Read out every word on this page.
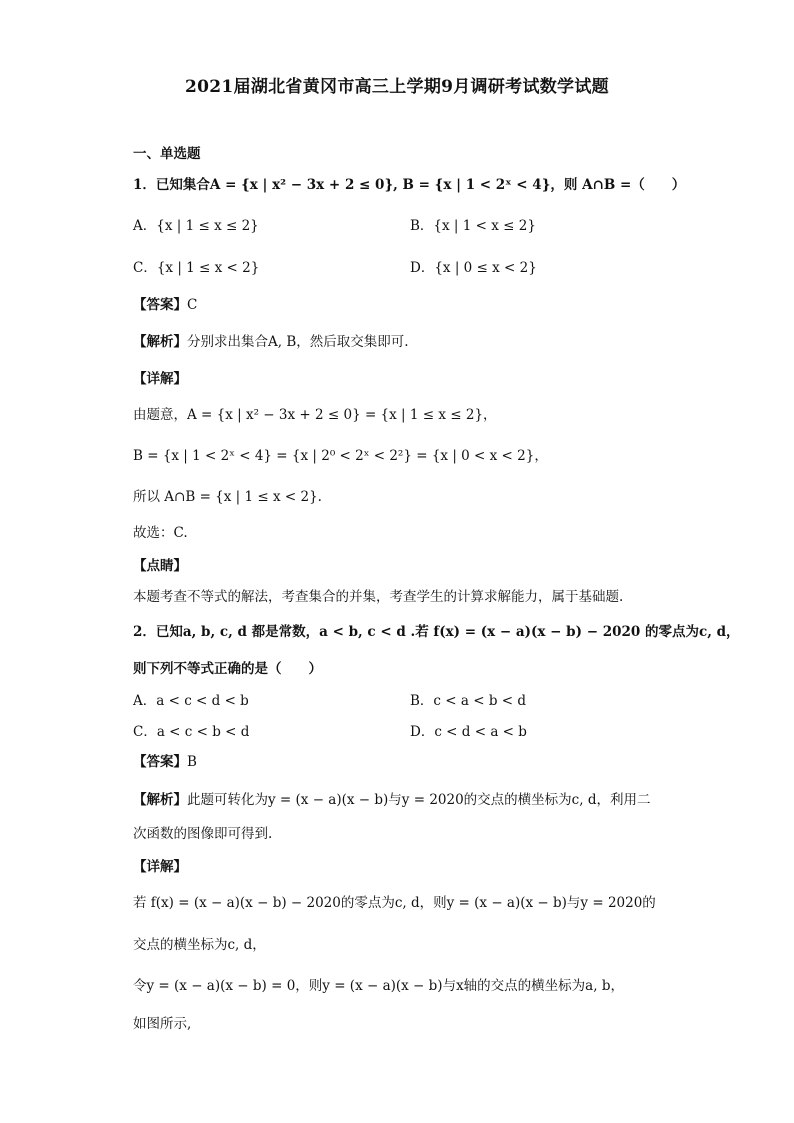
2021届湖北省黄冈市高三上学期9月调研考试数学试题
一、单选题
1．已知集合A = {x | x² − 3x + 2 ≤ 0}, B = {x | 1 < 2ˣ < 4}，则 A∩B =（　　）
A．{x | 1 ≤ x ≤ 2}	B．{x | 1 < x ≤ 2}
C．{x | 1 ≤ x < 2}	D．{x | 0 ≤ x < 2}
【答案】C
【解析】分别求出集合A, B，然后取交集即可.
【详解】
由题意，A = {x | x² − 3x + 2 ≤ 0} = {x | 1 ≤ x ≤ 2}，
B = {x | 1 < 2ˣ < 4} = {x | 2⁰ < 2ˣ < 2²} = {x | 0 < x < 2}，
所以 A∩B = {x | 1 ≤ x < 2}.
故选：C.
【点睛】
本题考查不等式的解法，考查集合的并集，考查学生的计算求解能力，属于基础题.
2．已知a, b, c, d 都是常数，a < b, c < d .若 f(x) = (x − a)(x − b) − 2020 的零点为c, d，
则下列不等式正确的是（　　）
A．a < c < d < b	B．c < a < b < d
C．a < c < b < d	D．c < d < a < b
【答案】B
【解析】此题可转化为y = (x − a)(x − b)与y = 2020的交点的横坐标为c, d，利用二
次函数的图像即可得到.
【详解】
若 f(x) = (x − a)(x − b) − 2020的零点为c, d，则y = (x − a)(x − b)与y = 2020的
交点的横坐标为c, d，
令y = (x − a)(x − b) = 0，则y = (x − a)(x − b)与x轴的交点的横坐标为a, b，
如图所示,
